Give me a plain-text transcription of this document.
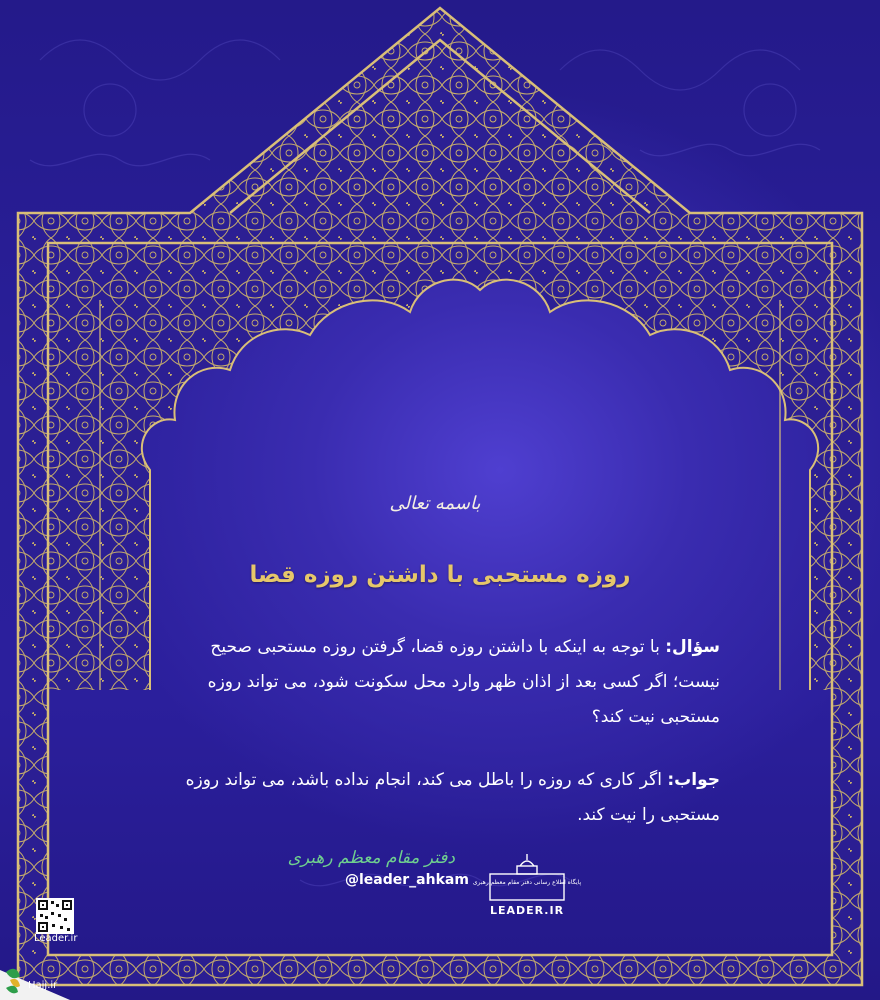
باسمه تعالی
روزه مستحبی با داشتن روزه قضا
سؤال: با توجه به اینکه با داشتن روزه قضا، گرفتن روزه مستحبی صحیح نیست؛ اگر کسی بعد از اذان ظهر وارد محل سکونت شود، می تواند روزه مستحبی نیت کند؟
جواب: اگر کاری که روزه را باطل می کند، انجام نداده باشد، می تواند روزه مستحبی را نیت کند.
دفتر مقام معظم رهبری
@leader_ahkam پایگاه اطلاع رسانی دفتر مقام معظم رهبری
LEADER.IR
Leader.ir
Hajj.ir
